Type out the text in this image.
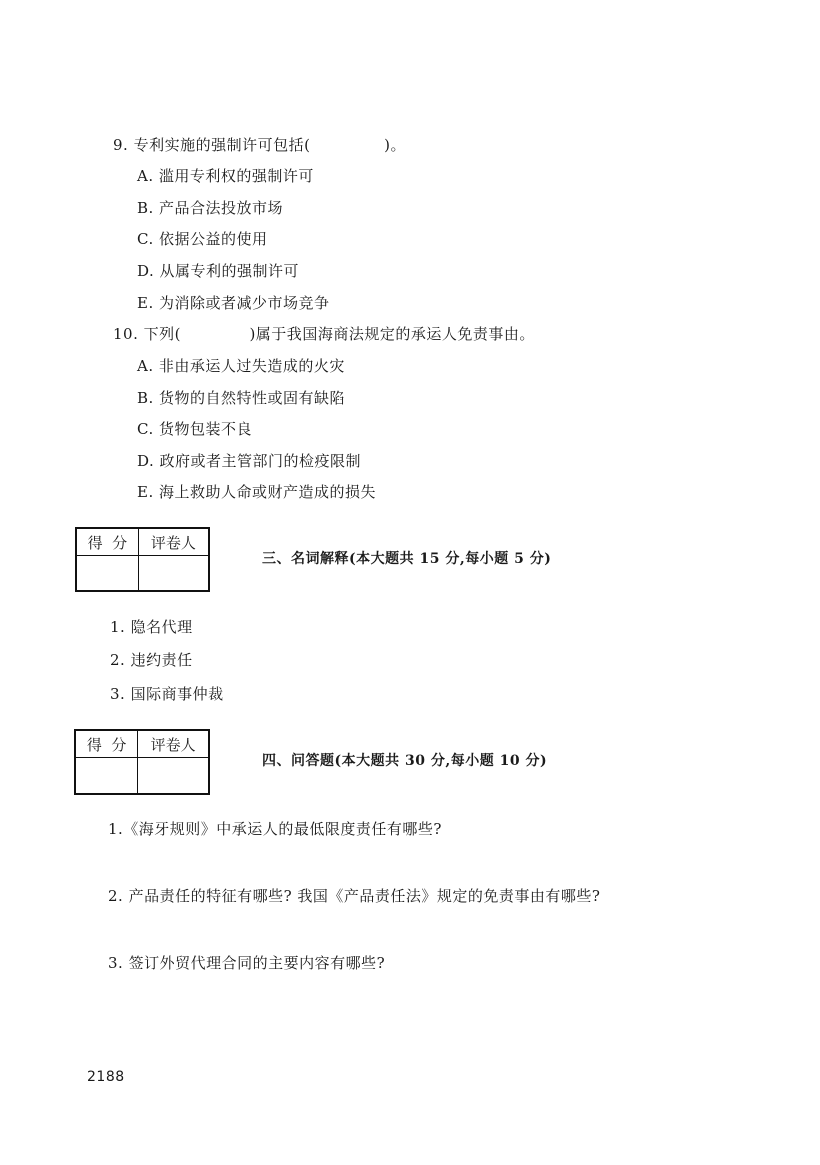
9. 专利实施的强制许可包括(              )。
A. 滥用专利权的强制许可
B. 产品合法投放市场
C. 依据公益的使用
D. 从属专利的强制许可
E. 为消除或者减少市场竞争
10. 下列(             )属于我国海商法规定的承运人免责事由。
A. 非由承运人过失造成的火灾
B. 货物的自然特性或固有缺陷
C. 货物包装不良
D. 政府或者主管部门的检疫限制
E. 海上救助人命或财产造成的损失
得  分	评卷人

三、名词解释(本大题共 15 分,每小题 5 分)
1. 隐名代理
2. 违约责任
3. 国际商事仲裁
得  分	评卷人

四、问答题(本大题共 30 分,每小题 10 分)
1.《海牙规则》中承运人的最低限度责任有哪些?
2. 产品责任的特征有哪些? 我国《产品责任法》规定的免责事由有哪些?
3. 签订外贸代理合同的主要内容有哪些?
2188
